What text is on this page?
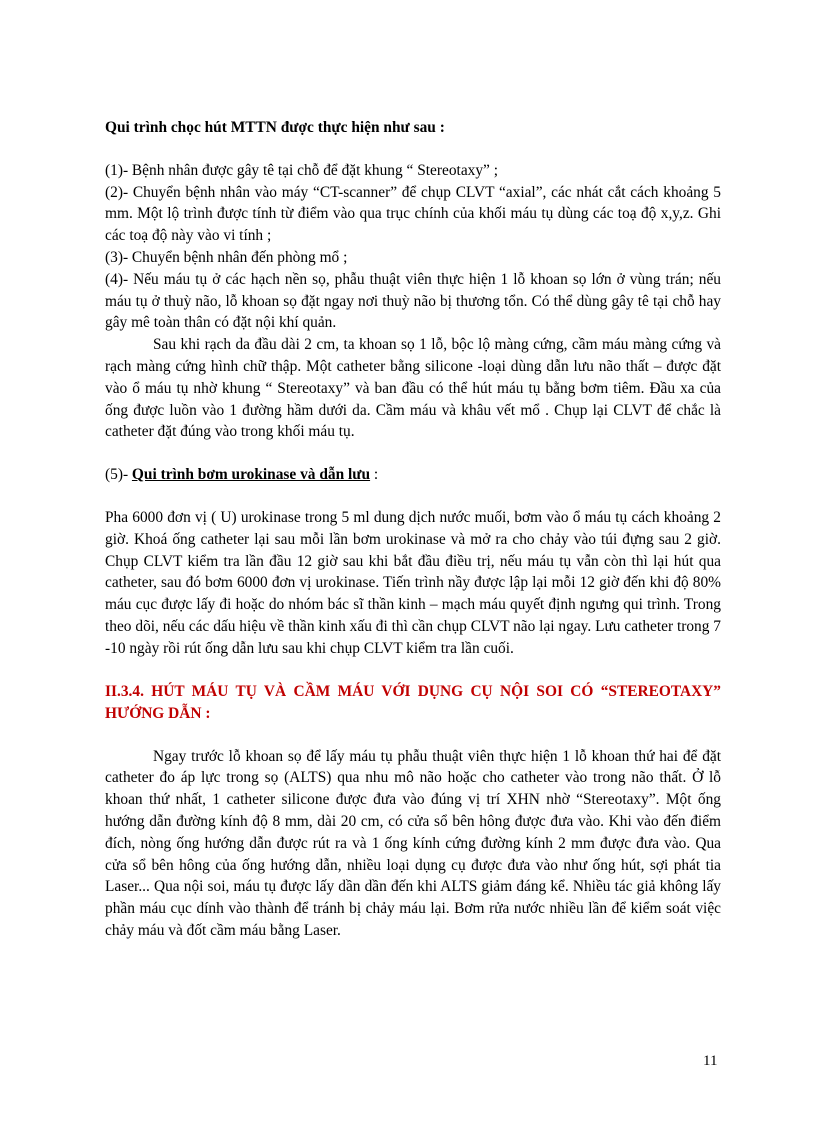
Qui trình chọc hút MTTN được thực hiện như sau :

(1)- Bệnh nhân được gây tê tại chỗ để đặt khung “ Stereotaxy” ;

(2)- Chuyển bệnh nhân vào máy “CT-scanner” để chụp CLVT “axial”, các nhát cắt cách khoảng 5 mm. Một lộ trình được tính từ điểm vào qua trục chính của khối máu tụ dùng các toạ độ x,y,z. Ghi các toạ độ này vào vi tính ;

(3)- Chuyển bệnh nhân đến phòng mổ ;

(4)- Nếu máu tụ ở các hạch nền sọ, phẫu thuật viên thực hiện 1 lỗ khoan sọ lớn ở vùng trán; nếu máu tụ ở thuỳ não, lỗ khoan sọ đặt ngay nơi thuỳ não bị thương tổn. Có thể dùng gây tê tại chỗ hay gây mê toàn thân có đặt nội khí quản.

Sau khi rạch da đầu dài 2 cm, ta khoan sọ 1 lỗ, bộc lộ màng cứng, cầm máu màng cứng và rạch màng cứng hình chữ thập. Một catheter bằng silicone -loại dùng dẫn lưu não thất – được đặt vào ổ máu tụ nhờ khung “ Stereotaxy” và ban đầu có thể hút máu tụ bằng bơm tiêm. Đầu xa của ống được luồn vào 1 đường hầm dưới da. Cầm máu và khâu vết mổ . Chụp lại CLVT để chắc là catheter đặt đúng vào trong khối máu tụ.

(5)- Qui trình bơm urokinase và dẫn lưu :

Pha 6000 đơn vị ( U) urokinase trong 5 ml dung dịch nước muối, bơm vào ổ máu tụ cách khoảng 2 giờ. Khoá ống catheter lại sau mỗi lần bơm urokinase và mở ra cho chảy vào túi đựng sau 2 giờ. Chụp CLVT kiểm tra lần đầu 12 giờ sau khi bắt đầu điều trị, nếu máu tụ vẫn còn thì lại hút qua catheter, sau đó bơm 6000 đơn vị urokinase. Tiến trình nầy được lập lại mỗi 12 giờ đến khi độ 80% máu cục được lấy đi hoặc do nhóm bác sĩ thần kinh – mạch máu quyết định ngưng qui trình. Trong theo dõi, nếu các dấu hiệu về thần kinh xấu đi thì cần chụp CLVT não lại ngay. Lưu catheter trong 7 -10 ngày rồi rút ống dẫn lưu sau khi chụp CLVT kiểm tra lần cuối.

II.3.4. HÚT MÁU TỤ VÀ CẦM MÁU VỚI DỤNG CỤ NỘI SOI CÓ “STEREOTAXY” HƯỚNG DẪN :

Ngay trước lỗ khoan sọ để lấy máu tụ phẫu thuật viên thực hiện 1 lỗ khoan thứ hai để đặt catheter đo áp lực trong sọ (ALTS) qua nhu mô não hoặc cho catheter vào trong não thất. Ở lỗ khoan thứ nhất, 1 catheter silicone được đưa vào đúng vị trí XHN nhờ “Stereotaxy”. Một ống hướng dẫn đường kính độ 8 mm, dài 20 cm, có cửa sổ bên hông được đưa vào. Khi vào đến điểm đích, nòng ống hướng dẫn được rút ra và 1 ống kính cứng đường kính 2 mm được đưa vào. Qua cửa sổ bên hông của ống hướng dẫn, nhiều loại dụng cụ được đưa vào như ống hút, sợi phát tia Laser... Qua nội soi, máu tụ được lấy dần dần đến khi ALTS giảm đáng kể. Nhiều tác giả không lấy phần máu cục dính vào thành để tránh bị chảy máu lại. Bơm rửa nước nhiều lần để kiểm soát việc chảy máu và đốt cầm máu bằng Laser.

11
